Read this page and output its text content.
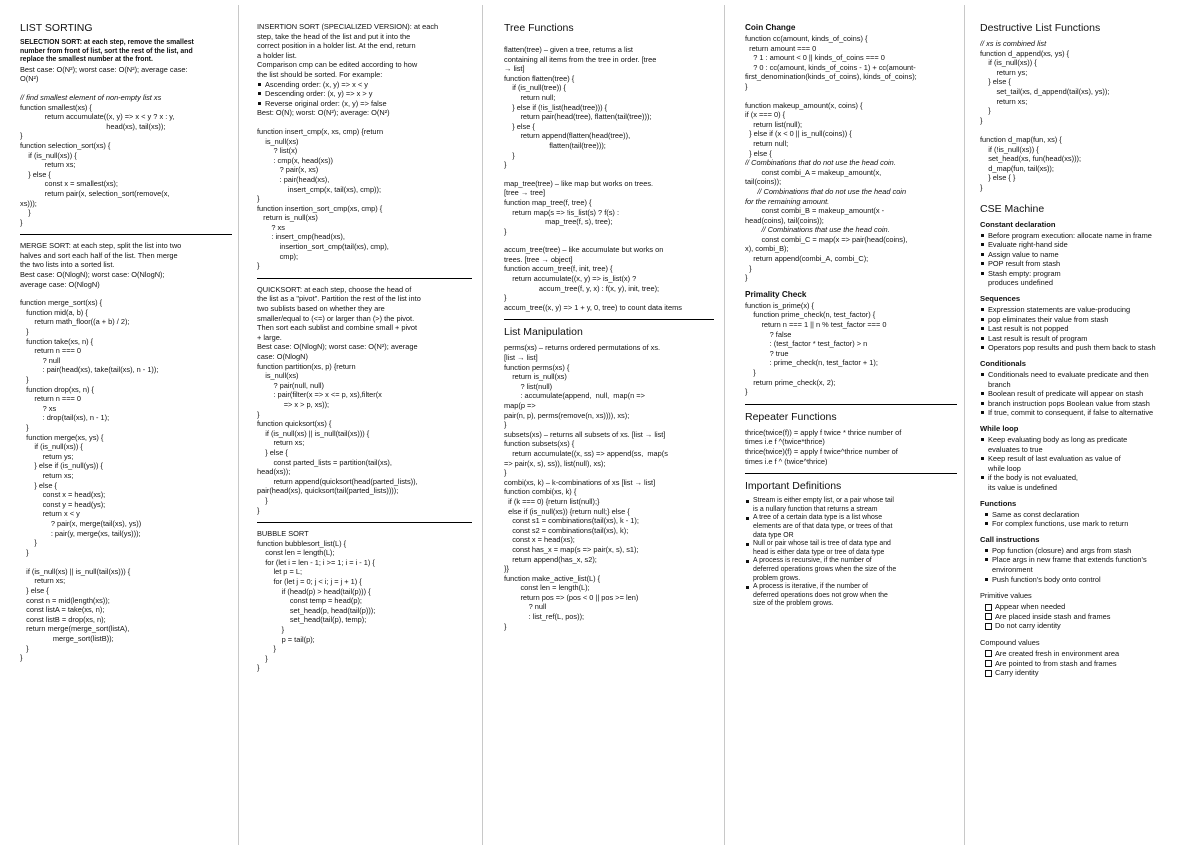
LIST SORTING
SELECTION SORT: at each step, remove the smallest
number from front of list, sort the rest of the list, and
replace the smallest number at the front.
Best case: O(N²); worst case: O(N²); average case:
O(N²)
// find smallest element of non-empty list xs
function smallest(xs) {
return accumulate((x, y) => x < y ? x : y,
head(xs), tail(xs));
}
function selection_sort(xs) {
if (is_null(xs)) {
return xs;
} else {
const x = smallest(xs);
return pair(x, selection_sort(remove(x,
xs)));
}
}
MERGE SORT: at each step, split the list into two
halves and sort each half of the list. Then merge
the two lists into a sorted list.
Best case: O(NlogN); worst case: O(NlogN);
average case: O(NlogN)
function merge_sort(xs) {
function mid(a, b) {
return math_floor((a + b) / 2);
}
function take(xs, n) {
return n === 0
? null
: pair(head(xs), take(tail(xs), n - 1));
}
function drop(xs, n) {
return n === 0
? xs
: drop(tail(xs), n - 1);
}
function merge(xs, ys) {
if (is_null(xs)) {
return ys;
} else if (is_null(ys)) {
return xs;
} else {
const x = head(xs);
const y = head(ys);
return x < y
? pair(x, merge(tail(xs), ys))
: pair(y, merge(xs, tail(ys)));
}
}

if (is_null(xs) || is_null(tail(xs))) {
return xs;
} else {
const n = mid(length(xs));
const listA = take(xs, n);
const listB = drop(xs, n);
return merge(merge_sort(listA),
merge_sort(listB));
}
}
INSERTION SORT (SPECIALIZED VERSION): at each
step, take the head of the list and put it into the
correct position in a holder list. At the end, return
a holder list.
Comparison cmp can be edited according to how
the list should be sorted. For example:
Ascending order: (x, y) => x < y
Descending order: (x, y) => x > y
Reverse original order: (x, y) => false
Best: O(N); worst: O(N²); average: O(N²)
function insert_cmp(x, xs, cmp) {return
is_null(xs)
? list(x)
: cmp(x, head(xs))
? pair(x, xs)
: pair(head(xs),
insert_cmp(x, tail(xs), cmp));
}
function insertion_sort_cmp(xs, cmp) {
return is_null(xs)
? xs
: insert_cmp(head(xs),
insertion_sort_cmp(tail(xs), cmp),
cmp);
}
QUICKSORT: at each step, choose the head of
the list as a "pivot". Partition the rest of the list into
two sublists based on whether they are
smaller/equal to (<=) or larger than (>) the pivot.
Then sort each sublist and combine small + pivot
+ large.
Best case: O(NlogN); worst case: O(N²); average
case: O(NlogN)
function partition(xs, p) {return
is_null(xs)
? pair(null, null)
: pair(filter(x => x <= p, xs),filter(x
=> x > p, xs));
}
function quicksort(xs) {
if (is_null(xs) || is_null(tail(xs))) {
return xs;
} else {
const parted_lists = partition(tail(xs),
head(xs));
return append(quicksort(head(parted_lists)),
pair(head(xs), quicksort(tail(parted_lists))));
}
}
BUBBLE SORT
function bubblesort_list(L) {
const len = length(L);
for (let i = len - 1; i >= 1; i = i - 1) {
let p = L;
for (let j = 0; j < i; j = j + 1) {
if (head(p) > head(tail(p))) {
const temp = head(p);
set_head(p, head(tail(p)));
set_head(tail(p), temp);
}
p = tail(p);
}
}
}
Tree Functions
flatten(tree) – given a tree, returns a list
containing all items from the tree in order. [tree
→ list]
function flatten(tree) {
if (is_null(tree)) {
return null;
} else if (!is_list(head(tree))) {
return pair(head(tree), flatten(tail(tree)));
} else {
return append(flatten(head(tree)),
flatten(tail(tree)));
}
}
map_tree(tree) – like map but works on trees.
[tree → tree]
function map_tree(f, tree) {
return map(s => !is_list(s) ? f(s) :
map_tree(f, s), tree);
}
accum_tree(tree) – like accumulate but works on
trees. [tree → object]
function accum_tree(f, init, tree) {
return accumulate((x, y) => is_list(x) ?
accum_tree(f, y, x) : f(x, y), init, tree);
}
accum_tree((x, y) => 1 + y, 0, tree) to count data items
List Manipulation
perms(xs) – returns ordered permutations of xs.
[list → list]
function perms(xs) {
return is_null(xs)
? list(null)
: accumulate(append,  null,  map(n =>
map(p =>
pair(n, p), perms(remove(n, xs)))), xs);
}
subsets(xs) – returns all subsets of xs. [list → list]
function subsets(xs) {
return accumulate((x, ss) => append(ss,  map(s
=> pair(x, s), ss)), list(null), xs);
}
combi(xs, k) – k-combinations of xs [list → list]
function combi(xs, k) {
if (k === 0) {return list(null);}
else if (is_null(xs)) {return null;} else {
const s1 = combinations(tail(xs), k - 1);
const s2 = combinations(tail(xs), k);
const x = head(xs);
const has_x = map(s => pair(x, s), s1);
return append(has_x, s2);
}}
function make_active_list(L) {
const len = length(L);
return pos => (pos < 0 || pos >= len)
? null
: list_ref(L, pos));
}
Coin Change
function cc(amount, kinds_of_coins) {
return amount === 0
? 1 : amount < 0 || kinds_of_coins === 0
? 0 : cc(amount, kinds_of_coins - 1) + cc(amount-
first_denomination(kinds_of_coins), kinds_of_coins);
}
function makeup_amount(x, coins) {
if (x === 0) {
return list(null);
} else if (x < 0 || is_null(coins)) {
return null;
} else {
// Combinations that do not use the head coin.
const combi_A = makeup_amount(x,
tail(coins));
// Combinations that do not use the head coin
for the remaining amount.
const combi_B = makeup_amount(x -
head(coins), tail(coins));
// Combinations that use the head coin.
const combi_C = map(x => pair(head(coins),
x), combi_B);
return append(combi_A, combi_C);
}
}
Primality Check
function is_prime(x) {
function prime_check(n, test_factor) {
return n === 1 || n % test_factor === 0
? false
: (test_factor * test_factor) > n
? true
: prime_check(n, test_factor + 1);
}
return prime_check(x, 2);
}
Repeater Functions
thrice(twice(f)) = apply f twice * thrice number of
times i.e f ^(twice*thrice)
thrice(twice)(f) = apply f twice^thrice number of
times i.e f ^ (twice^thrice)
Important Definitions
Stream is either empty list, or a pair whose tail
is a nullary function that returns a stream
A tree of a certain data type is a list whose
elements are of that data type, or trees of that
data type OR
Null or pair whose tail is tree of data type and
head is either data type or tree of data type
A process is recursive, if the number of
deferred operations grows when the size of the
problem grows.
A process is iterative, if the number of
deferred operations does not grow when the
size of the problem grows.
Destructive List Functions
// xs is combined list
function d_append(xs, ys) {
if (is_null(xs)) {
return ys;
} else {
set_tail(xs, d_append(tail(xs), ys));
return xs;
}
}

function d_map(fun, xs) {
if (!is_null(xs)) {
set_head(xs, fun(head(xs)));
d_map(fun, tail(xs));
} else { }
}
CSE Machine
Constant declaration
Before program execution: allocate name in frame
Evaluate right-hand side
Assign value to name
POP result from stash
Stash empty: program
produces undefined
Sequences
Expression statements are value-producing
pop eliminates their value from stash
Last result is not popped
Last result is result of program
Operators pop results and push them back to stash
Conditionals
Conditionals need to evaluate predicate and then
branch
Boolean result of predicate will appear on stash
branch instruction pops Boolean value from stash
If true, commit to consequent, if false to alternative
While loop
Keep evaluating body as long as predicate
evaluates to true
Keep result of last evaluation as value of
while loop
if the body is not evaluated,
its value is undefined
Functions
Same as const declaration
For complex functions, use mark to return
Call instructions
Pop function (closure) and args from stash
Place args in new frame that extends function's
environment
Push function's body onto control
Primitive values
Appear when needed
Are placed inside stash and frames
Do not carry identity
Compound values
Are created fresh in environment area
Are pointed to from stash and frames
Carry identity
